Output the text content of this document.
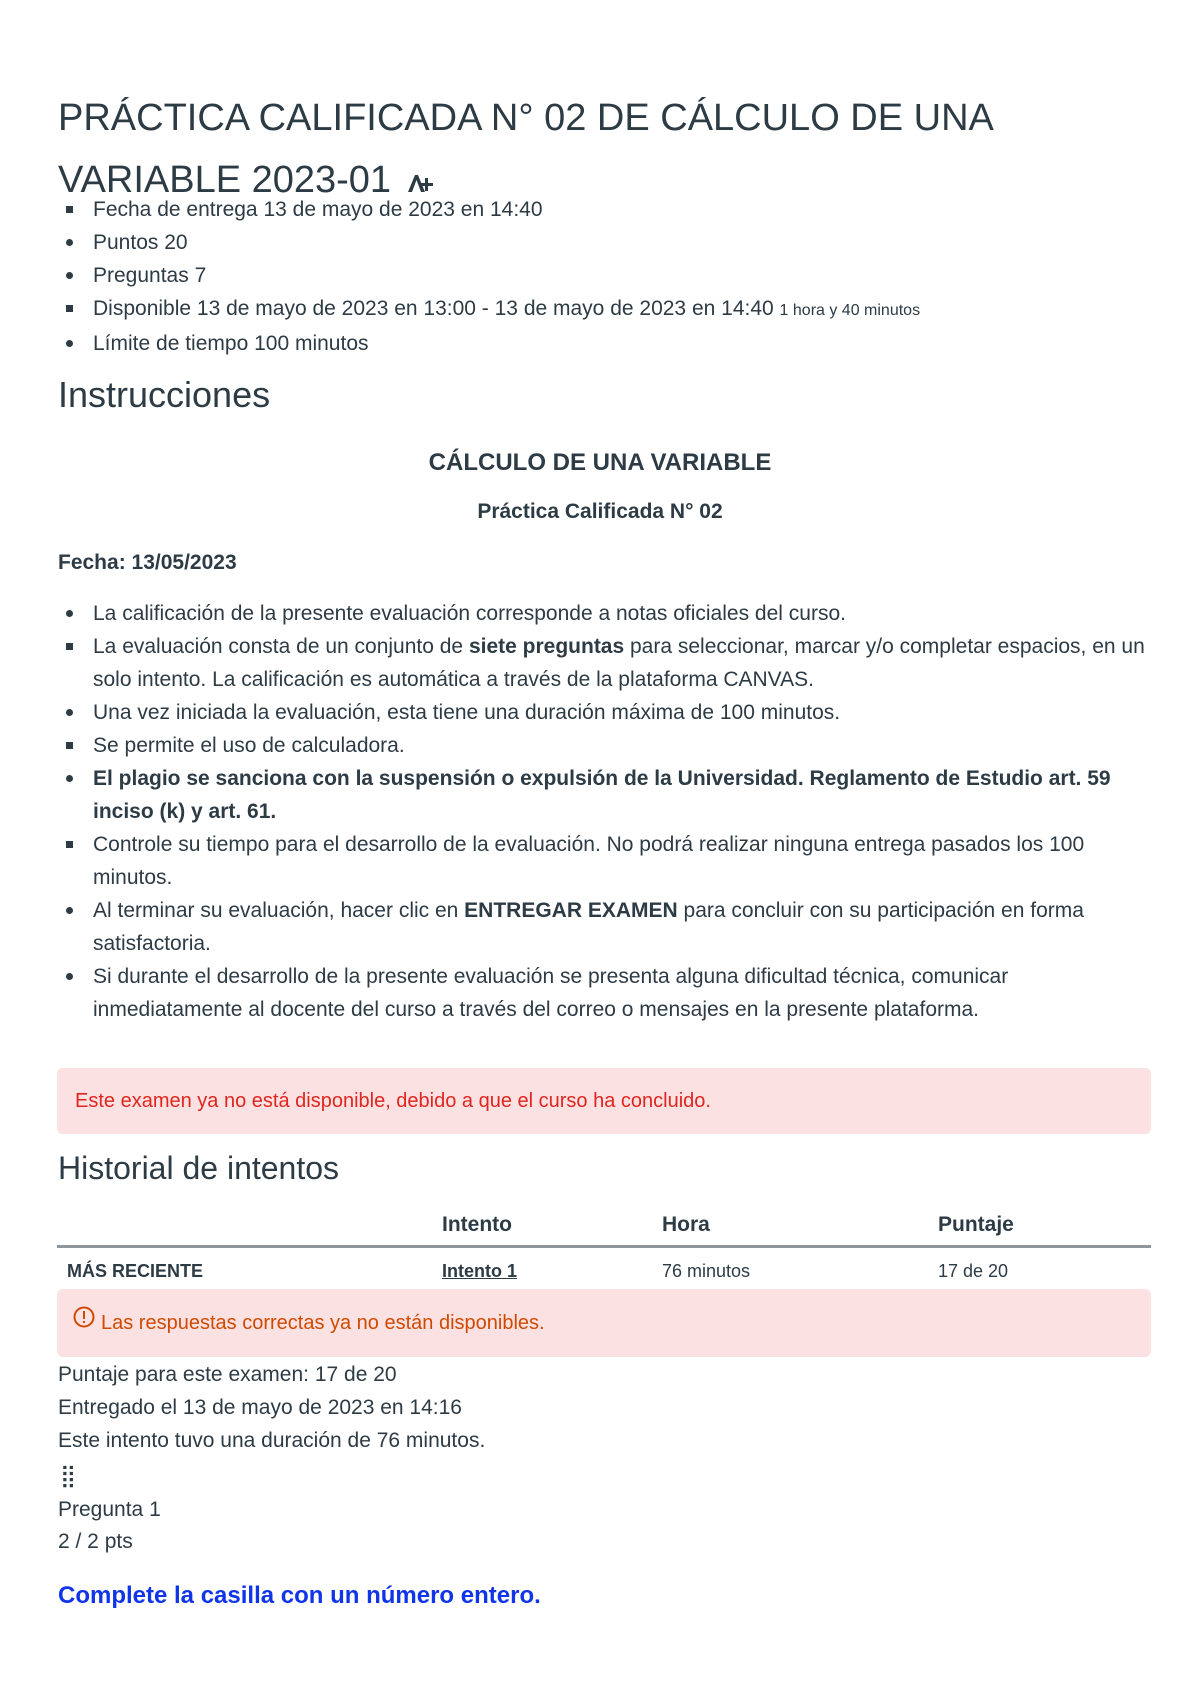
PRÁCTICA CALIFICADA N° 02 DE CÁLCULO DE UNA VARIABLE 2023-01
Fecha de entrega 13 de mayo de 2023 en 14:40
Puntos 20
Preguntas 7
Disponible 13 de mayo de 2023 en 13:00 - 13 de mayo de 2023 en 14:40 1 hora y 40 minutos
Límite de tiempo 100 minutos
Instrucciones
CÁLCULO DE UNA VARIABLE
Práctica Calificada N° 02
Fecha: 13/05/2023
La calificación de la presente evaluación corresponde a notas oficiales del curso.
La evaluación consta de un conjunto de siete preguntas para seleccionar, marcar y/o completar espacios, en un solo intento. La calificación es automática a través de la plataforma CANVAS.
Una vez iniciada la evaluación, esta tiene una duración máxima de 100 minutos.
Se permite el uso de calculadora.
El plagio se sanciona con la suspensión o expulsión de la Universidad. Reglamento de Estudio art. 59 inciso (k) y art. 61.
Controle su tiempo para el desarrollo de la evaluación. No podrá realizar ninguna entrega pasados los 100 minutos.
Al terminar su evaluación, hacer clic en ENTREGAR EXAMEN para concluir con su participación en forma satisfactoria.
Si durante el desarrollo de la presente evaluación se presenta alguna dificultad técnica, comunicar inmediatamente al docente del curso a través del correo o mensajes en la presente plataforma.
Este examen ya no está disponible, debido a que el curso ha concluido.
Historial de intentos
	Intento	Hora	Puntaje
MÁS RECIENTE	Intento 1	76 minutos	17 de 20
Las respuestas correctas ya no están disponibles.
Puntaje para este examen: 17 de 20
Entregado el 13 de mayo de 2023 en 14:16
Este intento tuvo una duración de 76 minutos.
⣿
Pregunta 1
2 / 2 pts
Complete la casilla con un número entero.
